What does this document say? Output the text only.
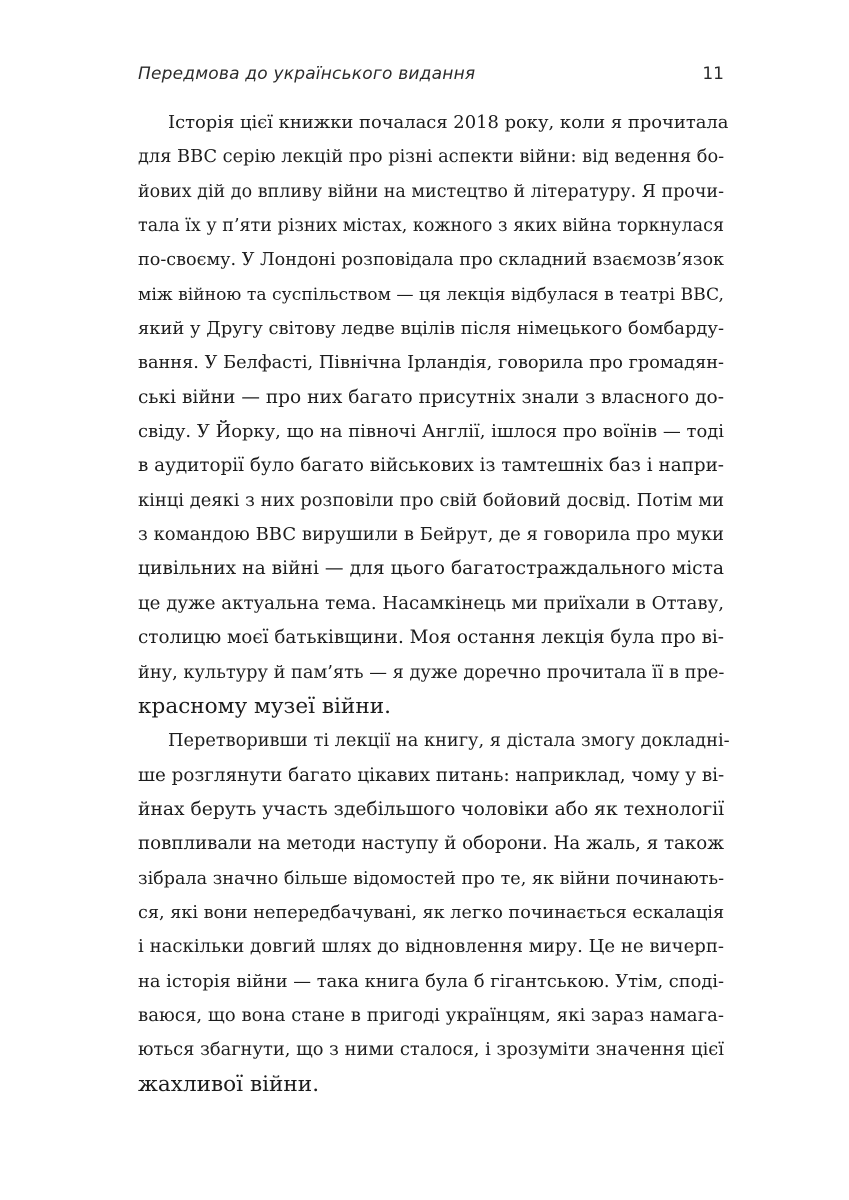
Передмова до українського видання	11
Історія цієї книжки почалася 2018 року, коли я прочитала
для BBC серію лекцій про різні аспекти війни: від ведення бо-
йових дій до впливу війни на мистецтво й літературу. Я прочи-
тала їх у п’яти різних містах, кожного з яких війна торкнулася
по-своєму. У Лондоні розповідала про складний взаємозв’язок
між війною та суспільством — ця лекція відбулася в театрі BBC,
який у Другу світову ледве вцілів після німецького бомбарду-
вання. У Белфасті, Північна Ірландія, говорила про громадян-
ські війни — про них багато присутніх знали з власного до-
свіду. У Йорку, що на півночі Англії, ішлося про воїнів — тоді
в аудиторії було багато військових із тамтешніх баз і напри-
кінці деякі з них розповіли про свій бойовий досвід. Потім ми
з командою BBC вирушили в Бейрут, де я говорила про муки
цивільних на війні — для цього багатостраждального міста
це дуже актуальна тема. Насамкінець ми приїхали в Оттаву,
столицю моєї батьківщини. Моя остання лекція була про ві-
йну, культуру й пам’ять — я дуже доречно прочитала її в пре-
красному музеї війни.
Перетворивши ті лекції на книгу, я дістала змогу докладні-
ше розглянути багато цікавих питань: наприклад, чому у ві-
йнах беруть участь здебільшого чоловіки або як технології
повпливали на методи наступу й оборони. На жаль, я також
зібрала значно більше відомостей про те, як війни починають-
ся, які вони непередбачувані, як легко починається ескалація
і наскільки довгий шлях до відновлення миру. Це не вичерп-
на історія війни — така книга була б гігантською. Утім, сподi-
ваюся, що вона стане в пригоді українцям, які зараз намага-
ються збагнути, що з ними сталося, і зрозуміти значення цієї
жахливої війни.
